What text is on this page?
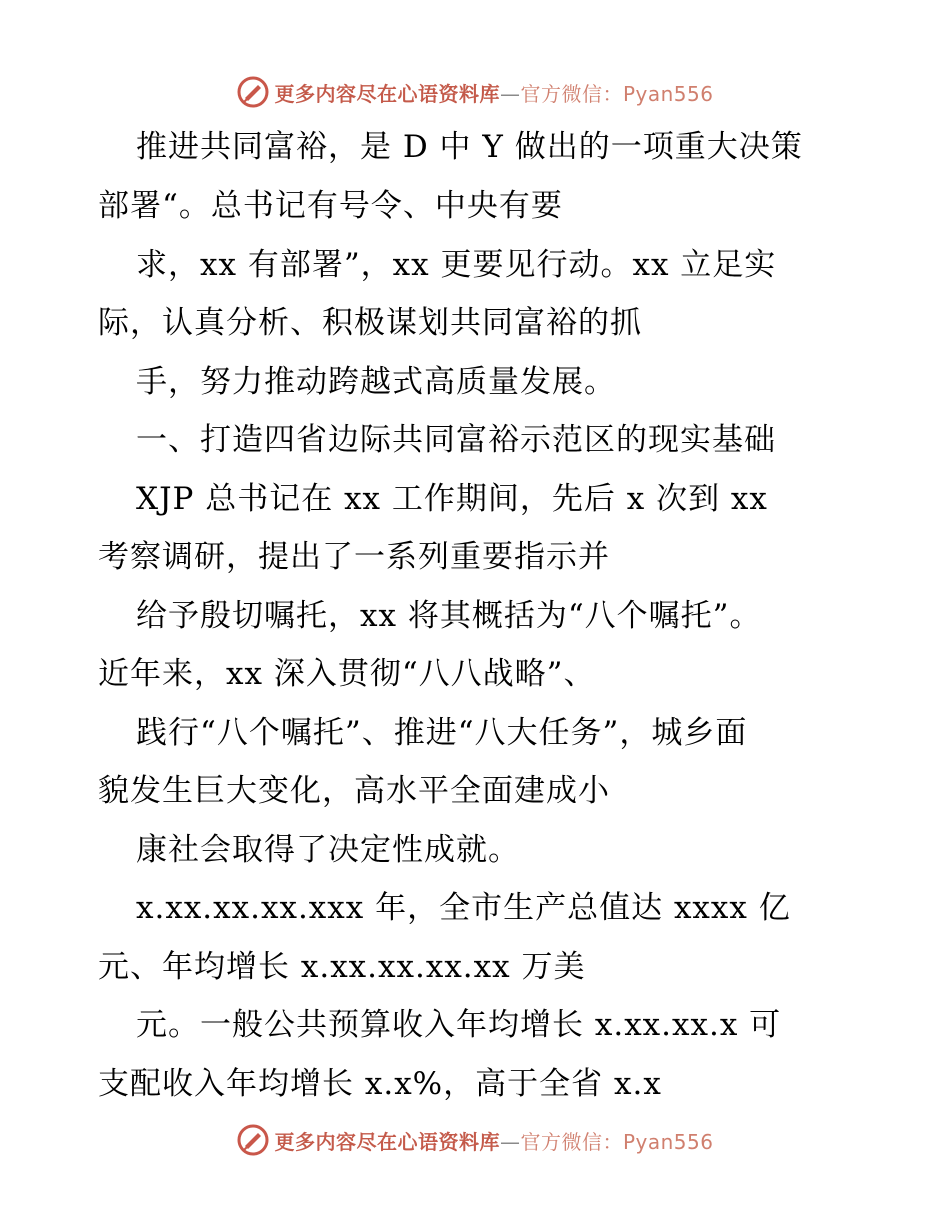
更多内容尽在心语资料库—官方微信：Pyan556
推进共同富裕，是 D 中 Y 做出的一项重大决策
部署“。总书记有号令、中央有要
求，xx 有部署”，xx 更要见行动。xx 立足实
际，认真分析、积极谋划共同富裕的抓
手，努力推动跨越式高质量发展。
一、打造四省边际共同富裕示范区的现实基础
XJP 总书记在 xx 工作期间，先后 x 次到 xx
考察调研，提出了一系列重要指示并
给予殷切嘱托，xx 将其概括为“八个嘱托”。
近年来，xx 深入贯彻“八八战略”、
践行“八个嘱托”、推进“八大任务”，城乡面
貌发生巨大变化，高水平全面建成小
康社会取得了决定性成就。
x.xx.xx.xx.xxx 年，全市生产总值达 xxxx 亿
元、年均增长 x.xx.xx.xx.xx 万美
元。一般公共预算收入年均增长 x.xx.xx.x 可
支配收入年均增长 x.x%，高于全省 x.x
更多内容尽在心语资料库—官方微信：Pyan556
